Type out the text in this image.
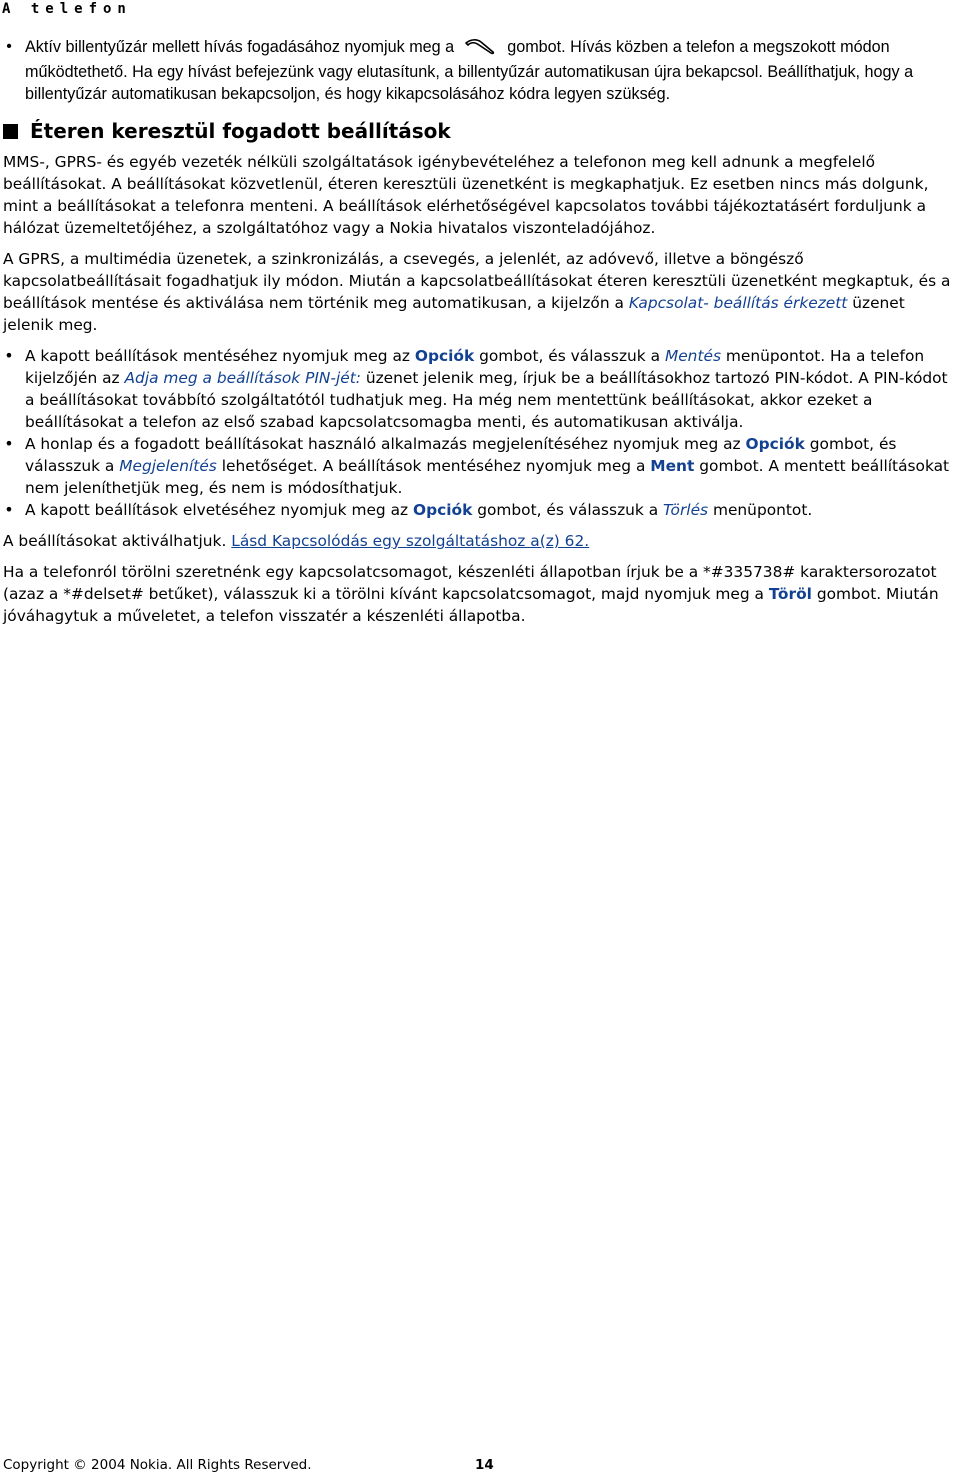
A telefon
• Aktív billentyűzár mellett hívás fogadásához nyomjuk meg a	gombot. Hívás közben a telefon a megszokott módon működtethető. Ha egy hívást befejezünk vagy elutasítunk, a billentyűzár automatikusan újra bekapcsol. Beállíthatjuk, hogy a billentyűzár automatikusan bekapcsoljon, és hogy kikapcsolásához kódra legyen szükség.
Éteren keresztül fogadott beállítások

MMS-, GPRS- és egyéb vezeték nélküli szolgáltatások igénybevételéhez a telefonon meg kell adnunk a megfelelő beállításokat. A beállításokat közvetlenül, éteren keresztüli üzenetként is megkaphatjuk. Ez esetben nincs más dolgunk, mint a beállításokat a telefonra menteni. A beállítások elérhetőségével kapcsolatos további tájékoztatásért forduljunk a hálózat üzemeltetőjéhez, a szolgáltatóhoz vagy a Nokia hivatalos viszonteladójához.

A GPRS, a multimédia üzenetek, a szinkronizálás, a csevegés, a jelenlét, az adóvevő, illetve a böngésző kapcsolatbeállításait fogadhatjuk ily módon. Miután a kapcsolatbeállításokat éteren keresztüli üzenetként megkaptuk, és a beállítások mentése és aktiválása nem történik meg automatikusan, a kijelzőn a Kapcsolat- beállítás érkezett üzenet jelenik meg.

• A kapott beállítások mentéséhez nyomjuk meg az Opciók gombot, és válasszuk a Mentés menüpontot. Ha a telefon kijelzőjén az Adja meg a beállítások PIN-jét: üzenet jelenik meg, írjuk be a beállításokhoz tartozó PIN-kódot. A PIN-kódot a beállításokat továbbító szolgáltatótól tudhatjuk meg. Ha még nem mentettünk beállításokat, akkor ezeket a beállításokat a telefon az első szabad kapcsolatcsomagba menti, és automatikusan aktiválja.
• A honlap és a fogadott beállításokat használó alkalmazás megjelenítéséhez nyomjuk meg az Opciók gombot, és válasszuk a Megjelenítés lehetőséget. A beállítások mentéséhez nyomjuk meg a Ment gombot. A mentett beállításokat nem jeleníthetjük meg, és nem is módosíthatjuk.
• A kapott beállítások elvetéséhez nyomjuk meg az Opciók gombot, és válasszuk a Törlés menüpontot.

A beállításokat aktiválhatjuk. Lásd Kapcsolódás egy szolgáltatáshoz a(z) 62.

Ha a telefonról törölni szeretnénk egy kapcsolatcsomagot, készenléti állapotban írjuk be a *#335738# karaktersorozatot (azaz a *#delset# betűket), válasszuk ki a törölni kívánt kapcsolatcsomagot, majd nyomjuk meg a Töröl gombot. Miután jóváhagytuk a műveletet, a telefon visszatér a készenléti állapotba.

Copyright © 2004 Nokia. All Rights Reserved.	14
